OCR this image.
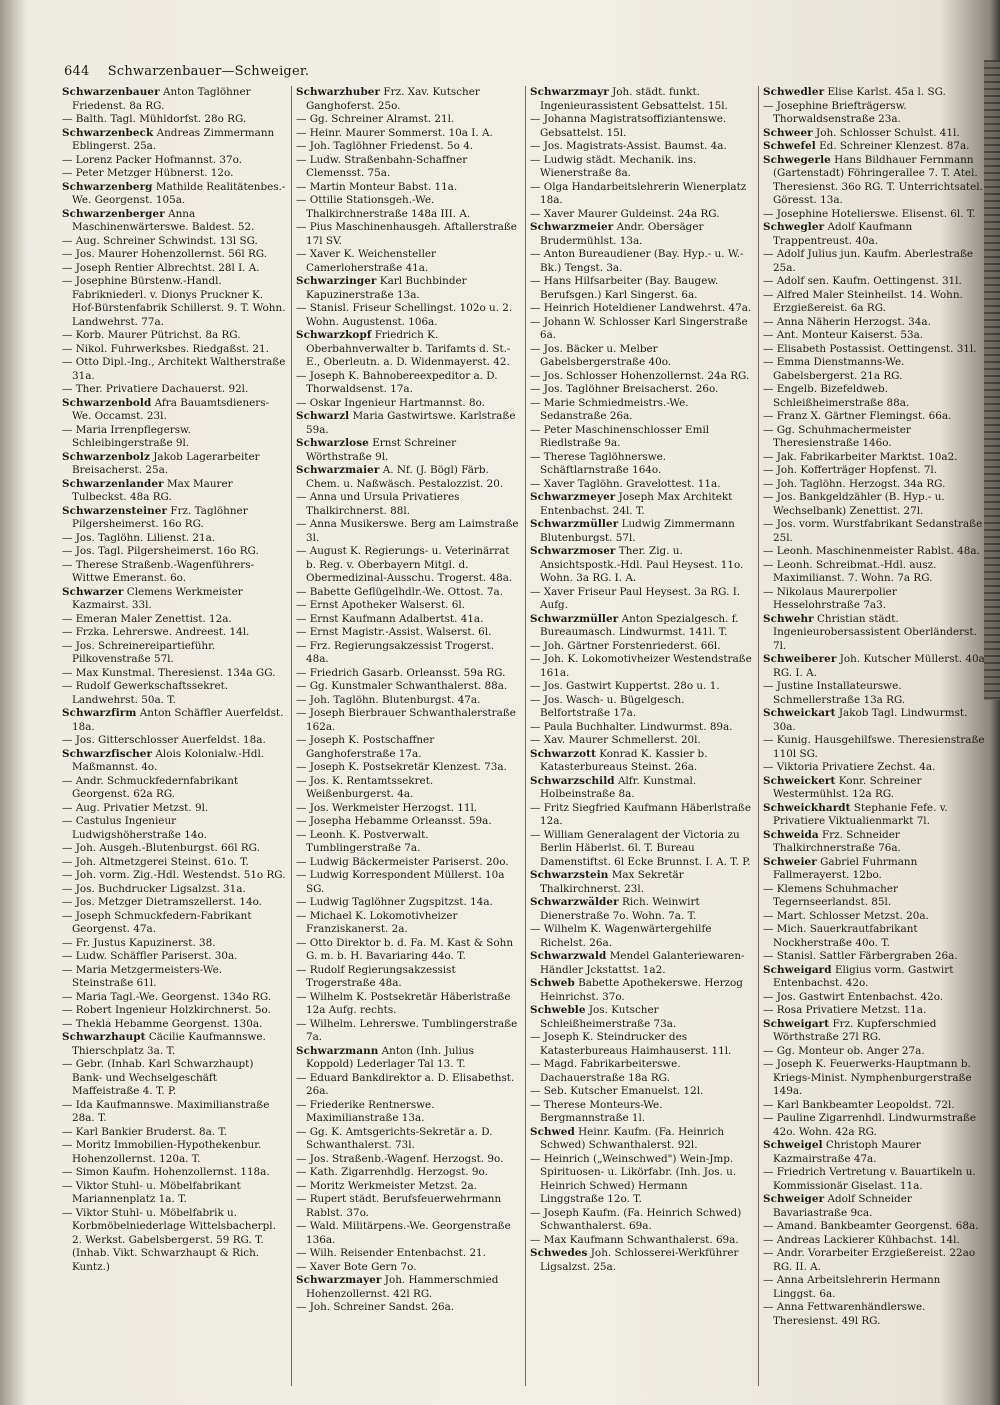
644 Schwarzenbauer—Schweiger.

Schwarzenbauer Anton Taglöhner Friedenst. 8a RG.

— Balth. Tagl. Mühldorfst. 28o RG.

Schwarzenbeck Andreas Zimmermann Eblingerst. 25a.

— Lorenz Packer Hofmannst. 37o.

— Peter Metzger Hübnerst. 12o.

Schwarzenberg Mathilde Realitätenbes.-We. Georgenst. 105a.

Schwarzenberger Anna Maschinenwärterswe. Baldest. 52.

— Aug. Schreiner Schwindst. 13l SG.

— Jos. Maurer Hohenzollernst. 56l RG.

— Joseph Rentier Albrechtst. 28l I. A.

— Josephine Bürstenw.-Handl. Fabrikniederl. v. Dionys Pruckner K. Hof-Bürstenfabrik Schillerst. 9. T. Wohn. Landwehrst. 77a.

— Korb. Maurer Pütrichst. 8a RG.

— Nikol. Fuhrwerksbes. Riedgaßst. 21.

— Otto Dipl.-Ing., Architekt Waltherstraße 31a.

— Ther. Privatiere Dachauerst. 92l.

Schwarzenbold Afra Bauamtsdieners-We. Occamst. 23l.

— Maria Irrenpflegersw. Schleibingerstraße 9l.

Schwarzenbolz Jakob Lagerarbeiter Breisacherst. 25a.

Schwarzenlander Max Maurer Tulbeckst. 48a RG.

Schwarzensteiner Frz. Taglöhner Pilgersheimerst. 16o RG.

— Jos. Taglöhn. Lilienst. 21a.

— Jos. Tagl. Pilgersheimerst. 16o RG.

— Therese Straßenb.-Wagenführers-Wittwe Emeranst. 6o.

Schwarzer Clemens Werkmeister Kazmairst. 33l.

— Emeran Maler Zenettist. 12a.

— Frzka. Lehrerswe. Andreest. 14l.

— Jos. Schreinereipartieführ. Pilkovenstraße 57l.

— Max Kunstmal. Theresienst. 134a GG.

— Rudolf Gewerkschaftssekret. Landwehrst. 50a. T.

Schwarzfirm Anton Schäffler Auerfeldst. 18a.

— Jos. Gitterschlosser Auerfeldst. 18a.

Schwarzfischer Alois Kolonialw.-Hdl. Maßmannst. 4o.

— Andr. Schmuckfedernfabrikant Georgenst. 62a RG.

— Aug. Privatier Metzst. 9l.

— Castulus Ingenieur Ludwigshöherstraße 14o.

— Joh. Ausgeh.-Blutenburgst. 66l RG.

— Joh. Altmetzgerei Steinst. 61o. T.

— Joh. vorm. Zig.-Hdl. Westendst. 51o RG.

— Jos. Buchdrucker Ligsalzst. 31a.

— Jos. Metzger Dietramszellerst. 14o.

— Joseph Schmuckfedern-Fabrikant Georgenst. 47a.

— Fr. Justus Kapuzinerst. 38.

— Ludw. Schäffler Pariserst. 30a.

— Maria Metzgermeisters-We. Steinstraße 61l.

— Maria Tagl.-We. Georgenst. 134o RG.

— Robert Ingenieur Holzkirchnerst. 5o.

— Thekla Hebamme Georgenst. 130a.

Schwarzhaupt Cäcilie Kaufmannswe. Thierschplatz 3a. T.

— Gebr. (Inhab. Karl Schwarzhaupt) Bank- und Wechselgeschäft Maffeistraße 4. T. P.

— Ida Kaufmannswe. Maximilianstraße 28a. T.

— Karl Bankier Bruderst. 8a. T.

— Moritz Immobilien-Hypothekenbur. Hohenzollernst. 120a. T.

— Simon Kaufm. Hohenzollernst. 118a.

— Viktor Stuhl- u. Möbelfabrikant Mariannenplatz 1a. T.

— Viktor Stuhl- u. Möbelfabrik u. Korbmöbelniederlage Wittelsbacherpl. 2. Werkst. Gabelsbergerst. 59 RG. T. (Inhab. Vikt. Schwarzhaupt & Rich. Kuntz.)

Schwarzhuber Frz. Xav. Kutscher Ganghoferst. 25o.

— Gg. Schreiner Alramst. 21l.

— Heinr. Maurer Sommerst. 10a I. A.

— Joh. Taglöhner Friedenst. 5o 4.

— Ludw. Straßenbahn-Schaffner Clemensst. 75a.

— Martin Monteur Babst. 11a.

— Ottilie Stationsgeh.-We. Thalkirchnerstraße 148a III. A.

— Pius Maschinenhausgeh. Aftallerstraße 17l SV.

— Xaver K. Weichensteller Camerloherstraße 41a.

Schwarzinger Karl Buchbinder Kapuzinerstraße 13a.

— Stanisl. Friseur Schellingst. 102o u. 2. Wohn. Augustenst. 106a.

Schwarzkopf Friedrich K. Oberbahnverwalter b. Tarifamts d. St.-E., Oberleutn. a. D. Widenmayerst. 42.

— Joseph K. Bahnobereexpeditor a. D. Thorwaldsenst. 17a.

— Oskar Ingenieur Hartmannst. 8o.

Schwarzl Maria Gastwirtswe. Karlstraße 59a.

Schwarzlose Ernst Schreiner Wörthstraße 9l.

Schwarzmaier A. Nf. (J. Bögl) Färb. Chem. u. Naßwäsch. Pestalozzist. 20.

— Anna und Ursula Privatieres Thalkirchnerst. 88l.

— Anna Musikerswe. Berg am Laimstraße 3l.

— August K. Regierungs- u. Veterinärrat b. Reg. v. Oberbayern Mitgl. d. Obermedizinal-Ausschu. Trogerst. 48a.

— Babette Geflügelhdlr.-We. Ottost. 7a.

— Ernst Apotheker Walserst. 6l.

— Ernst Kaufmann Adalbertst. 41a.

— Ernst Magistr.-Assist. Walserst. 6l.

— Frz. Regierungsakzessist Trogerst. 48a.

— Friedrich Gasarb. Orleansst. 59a RG.

— Gg. Kunstmaler Schwanthalerst. 88a.

— Joh. Taglöhn. Blutenburgst. 47a.

— Joseph Bierbrauer Schwanthalerstraße 162a.

— Joseph K. Postschaffner Ganghoferstraße 17a.

— Joseph K. Postsekretär Klenzest. 73a.

— Jos. K. Rentamtssekret. Weißenburgerst. 4a.

— Jos. Werkmeister Herzogst. 11l.

— Josepha Hebamme Orleansst. 59a.

— Leonh. K. Postverwalt. Tumblingerstraße 7a.

— Ludwig Bäckermeister Pariserst. 20o.

— Ludwig Korrespondent Müllerst. 10a SG.

— Ludwig Taglöhner Zugspitzst. 14a.

— Michael K. Lokomotivheizer Franziskanerst. 2a.

— Otto Direktor b. d. Fa. M. Kast & Sohn G. m. b. H. Bavariaring 44o. T.

— Rudolf Regierungsakzessist Trogerstraße 48a.

— Wilhelm K. Postsekretär Häberlstraße 12a Aufg. rechts.

— Wilhelm. Lehrerswe. Tumblingerstraße 7a.

Schwarzmann Anton (Inh. Julius Koppold) Lederlager Tal 13. T.

— Eduard Bankdirektor a. D. Elisabethst. 26a.

— Friederike Rentnerswe. Maximilianstraße 13a.

— Gg. K. Amtsgerichts-Sekretär a. D. Schwanthalerst. 73l.

— Jos. Straßenb.-Wagenf. Herzogst. 9o.

— Kath. Zigarrenhdlg. Herzogst. 9o.

— Moritz Werkmeister Metzst. 2a.

— Rupert städt. Berufsfeuerwehrmann Rablst. 37o.

— Wald. Militärpens.-We. Georgenstraße 136a.

— Wilh. Reisender Entenbachst. 21.

— Xaver Bote Gern 7o.

Schwarzmayer Joh. Hammerschmied Hohenzollernst. 42l RG.

— Joh. Schreiner Sandst. 26a.

Schwarzmayr Joh. städt. funkt. Ingenieurassistent Gebsattelst. 15l.

— Johanna Magistratsoffiziantenswe. Gebsattelst. 15l.

— Jos. Magistrats-Assist. Baumst. 4a.

— Ludwig städt. Mechanik. ins. Wienerstraße 8a.

— Olga Handarbeitslehrerin Wienerplatz 18a.

— Xaver Maurer Guldeinst. 24a RG.

Schwarzmeier Andr. Obersäger Brudermühlst. 13a.

— Anton Bureaudiener (Bay. Hyp.- u. W.-Bk.) Tengst. 3a.

— Hans Hilfsarbeiter (Bay. Baugew. Berufsgen.) Karl Singerst. 6a.

— Heinrich Hoteldiener Landwehrst. 47a.

— Johann W. Schlosser Karl Singerstraße 6a.

— Jos. Bäcker u. Melber Gabelsbergerstraße 40o.

— Jos. Schlosser Hohenzollernst. 24a RG.

— Jos. Taglöhner Breisacherst. 26o.

— Marie Schmiedmeistrs.-We. Sedanstraße 26a.

— Peter Maschinenschlosser Emil Riedlstraße 9a.

— Therese Taglöhnerswe. Schäftlarnstraße 164o.

— Xaver Taglöhn. Gravelottest. 11a.

Schwarzmeyer Joseph Max Architekt Entenbachst. 24l. T.

Schwarzmüller Ludwig Zimmermann Blutenburgst. 57l.

Schwarzmoser Ther. Zig. u. Ansichtspostk.-Hdl. Paul Heysest. 11o. Wohn. 3a RG. I. A.

— Xaver Friseur Paul Heysest. 3a RG. I. Aufg.

Schwarzmüller Anton Spezialgesch. f. Bureaumasch. Lindwurmst. 141l. T.

— Joh. Gärtner Forstenriederst. 66l.

— Joh. K. Lokomotivheizer Westendstraße 161a.

— Jos. Gastwirt Kuppertst. 28o u. 1.

— Jos. Wasch- u. Bügelgesch. Belfortstraße 17a.

— Paula Buchhalter. Lindwurmst. 89a.

— Xav. Maurer Schmellerst. 20l.

Schwarzott Konrad K. Kassier b. Katasterbureaus Steinst. 26a.

Schwarzschild Alfr. Kunstmal. Holbeinstraße 8a.

— Fritz Siegfried Kaufmann Häberlstraße 12a.

— William Generalagent der Victoria zu Berlin Häberlst. 6l. T. Bureau Damenstiftst. 6l Ecke Brunnst. I. A. T. P.

Schwarzstein Max Sekretär Thalkirchnerst. 23l.

Schwarzwälder Rich. Weinwirt Dienerstraße 7o. Wohn. 7a. T.

— Wilhelm K. Wagenwärtergehilfe Richelst. 26a.

Schwarzwald Mendel Galanteriewaren-Händler Jckstattst. 1a2.

Schweb Babette Apothekerswe. Herzog Heinrichst. 37o.

Schweble Jos. Kutscher Schleißheimerstraße 73a.

— Joseph K. Steindrucker des Katasterbureaus Haimhauserst. 11l.

— Magd. Fabrikarbeiterswe. Dachauerstraße 18a RG.

— Seb. Kutscher Emanuelst. 12l.

— Therese Monteurs-We. Bergmannstraße 1l.

Schwed Heinr. Kaufm. (Fa. Heinrich Schwed) Schwanthalerst. 92l.

— Heinrich („Weinschwed") Wein-Jmp. Spirituosen- u. Likörfabr. (Inh. Jos. u. Heinrich Schwed) Hermann Linggstraße 12o. T.

— Joseph Kaufm. (Fa. Heinrich Schwed) Schwanthalerst. 69a.

— Max Kaufmann Schwanthalerst. 69a.

Schwedes Joh. Schlosserei-Werkführer Ligsalzst. 25a.

Schwedler Elise Karlst. 45a l. SG.

— Josephine Briefträgersw. Thorwaldsenstraße 23a.

Schweer Joh. Schlosser Schulst. 41l.

Schwefel Ed. Schreiner Klenzest. 87a.

Schwegerle Hans Bildhauer Fernmann (Gartenstadt) Föhringerallee 7. T. Atel. Theresienst. 36o RG. T. Unterrichtsatel. Göresst. 13a.

— Josephine Hotelierswe. Elisenst. 6l. T.

Schwegler Adolf Kaufmann Trappentreust. 40a.

— Adolf Julius jun. Kaufm. Aberlestraße 25a.

— Adolf sen. Kaufm. Oettingenst. 31l.

— Alfred Maler Steinheilst. 14. Wohn. Erzgießereist. 6a RG.

— Anna Näherin Herzogst. 34a.

— Ant. Monteur Kaiserst. 53a.

— Elisabeth Postassist. Oettingenst. 31l.

— Emma Dienstmanns-We. Gabelsbergerst. 21a RG.

— Engelb. Bizefeldweb. Schleißheimerstraße 88a.

— Franz X. Gärtner Flemingst. 66a.

— Gg. Schuhmachermeister Theresienstraße 146o.

— Jak. Fabrikarbeiter Marktst. 10a2.

— Joh. Kofferträger Hopfenst. 7l.

— Joh. Taglöhn. Herzogst. 34a RG.

— Jos. Bankgeldzähler (B. Hyp.- u. Wechselbank) Zenettist. 27l.

— Jos. vorm. Wurstfabrikant Sedanstraße 25l.

— Leonh. Maschinenmeister Rablst. 48a.

— Leonh. Schreibmat.-Hdl. ausz. Maximilianst. 7. Wohn. 7a RG.

— Nikolaus Maurerpolier Hesselohrstraße 7a3.

Schwehr Christian städt. Ingenieurobersassistent Oberländerst. 7l.

Schweiberer Joh. Kutscher Müllerst. 40a RG. I. A.

— Justine Installateurswe. Schmellerstraße 13a RG.

Schweickart Jakob Tagl. Lindwurmst. 30a.

— Kunig. Hausgehilfswe. Theresienstraße 110l SG.

— Viktoria Privatiere Zechst. 4a.

Schweickert Konr. Schreiner Westermühlst. 12a RG.

Schweickhardt Stephanie Fefe. v. Privatiere Viktualienmarkt 7l.

Schweida Frz. Schneider Thalkirchnerstraße 76a.

Schweier Gabriel Fuhrmann Fallmerayerst. 12bo.

— Klemens Schuhmacher Tegernseerlandst. 85l.

— Mart. Schlosser Metzst. 20a.

— Mich. Sauerkrautfabrikant Nockherstraße 40o. T.

— Stanisl. Sattler Färbergraben 26a.

Schweigard Eligius vorm. Gastwirt Entenbachst. 42o.

— Jos. Gastwirt Entenbachst. 42o.

— Rosa Privatiere Metzst. 11a.

Schweigart Frz. Kupferschmied Wörthstraße 27l RG.

— Gg. Monteur ob. Anger 27a.

— Joseph K. Feuerwerks-Hauptmann b. Kriegs-Minist. Nymphenburgerstraße 149a.

— Karl Bankbeamter Leopoldst. 72l.

— Pauline Zigarrenhdl. Lindwurmstraße 42o. Wohn. 42a RG.

Schweigel Christoph Maurer Kazmairstraße 47a.

— Friedrich Vertretung v. Bauartikeln u. Kommissionär Giselast. 11a.

Schweiger Adolf Schneider Bavariastraße 9ca.

— Amand. Bankbeamter Georgenst. 68a.

— Andreas Lackierer Kühbachst. 14l.

— Andr. Vorarbeiter Erzgießereist. 22ao RG. II. A.

— Anna Arbeitslehrerin Hermann Linggst. 6a.

— Anna Fettwarenhändlerswe. Theresienst. 49l RG.
